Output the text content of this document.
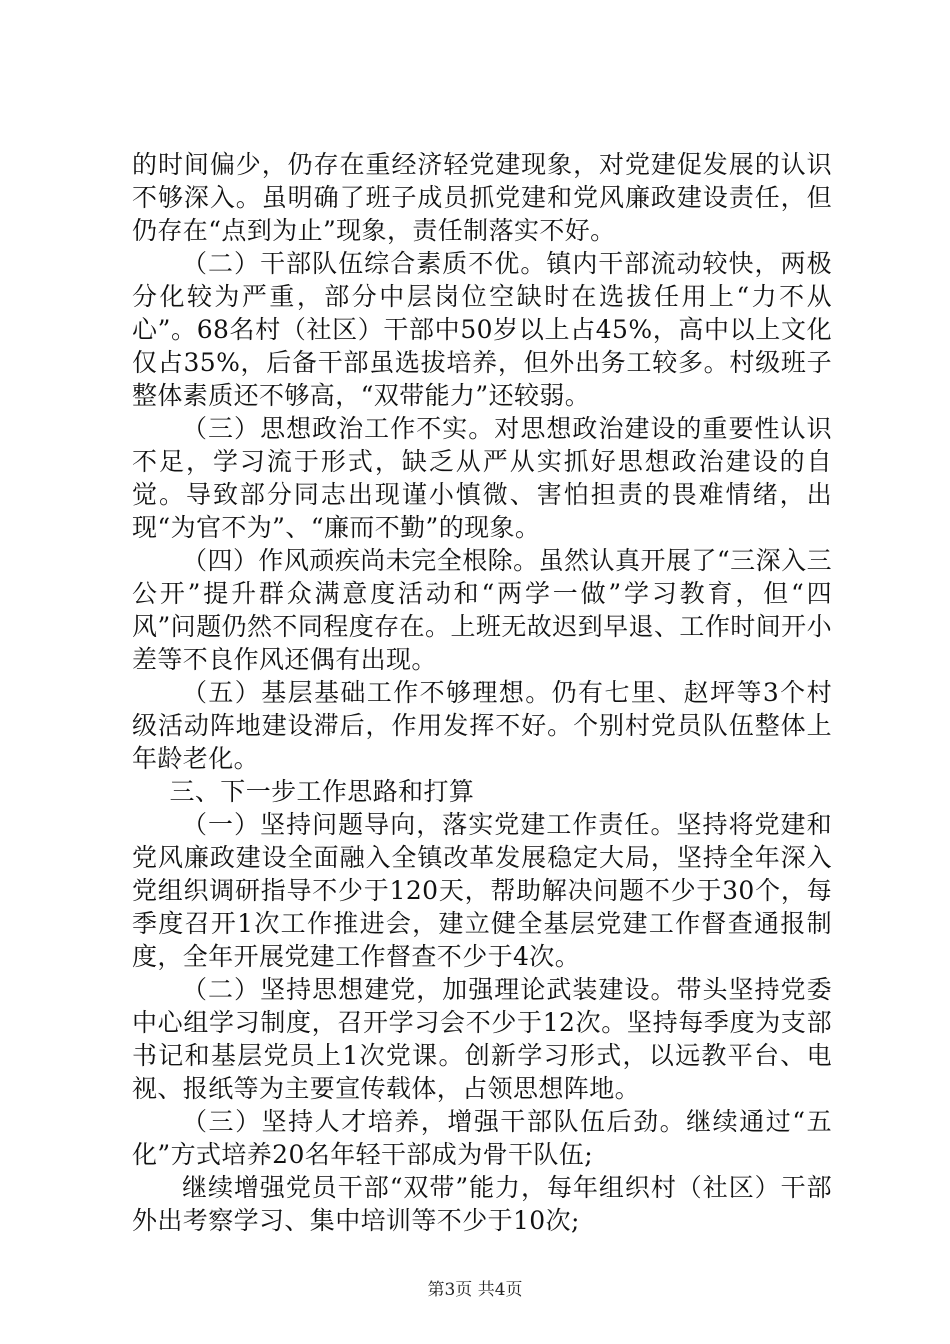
的时间偏少，仍存在重经济轻党建现象，对党建促发展的认识不够深入。虽明确了班子成员抓党建和党风廉政建设责任，但仍存在“点到为止”现象，责任制落实不好。

（二）干部队伍综合素质不优。镇内干部流动较快，两极分化较为严重，部分中层岗位空缺时在选拔任用上“力不从心”。68名村（社区）干部中50岁以上占45%，高中以上文化仅占35%，后备干部虽选拔培养，但外出务工较多。村级班子整体素质还不够高，“双带能力”还较弱。

（三）思想政治工作不实。对思想政治建设的重要性认识不足，学习流于形式，缺乏从严从实抓好思想政治建设的自觉。导致部分同志出现谨小慎微、害怕担责的畏难情绪，出现“为官不为”、“廉而不勤”的现象。

（四）作风顽疾尚未完全根除。虽然认真开展了“三深入三公开”提升群众满意度活动和“两学一做”学习教育，但“四风”问题仍然不同程度存在。上班无故迟到早退、工作时间开小差等不良作风还偶有出现。

（五）基层基础工作不够理想。仍有七里、赵坪等3个村级活动阵地建设滞后，作用发挥不好。个别村党员队伍整体上年龄老化。

三、下一步工作思路和打算

（一）坚持问题导向，落实党建工作责任。坚持将党建和党风廉政建设全面融入全镇改革发展稳定大局，坚持全年深入党组织调研指导不少于120天，帮助解决问题不少于30个，每季度召开1次工作推进会，建立健全基层党建工作督查通报制度，全年开展党建工作督查不少于4次。

（二）坚持思想建党，加强理论武装建设。带头坚持党委中心组学习制度，召开学习会不少于12次。坚持每季度为支部书记和基层党员上1次党课。创新学习形式，以远教平台、电视、报纸等为主要宣传载体，占领思想阵地。

（三）坚持人才培养，增强干部队伍后劲。继续通过“五化”方式培养20名年轻干部成为骨干队伍;

继续增强党员干部“双带”能力，每年组织村（社区）干部外出考察学习、集中培训等不少于10次;

第3页 共4页
